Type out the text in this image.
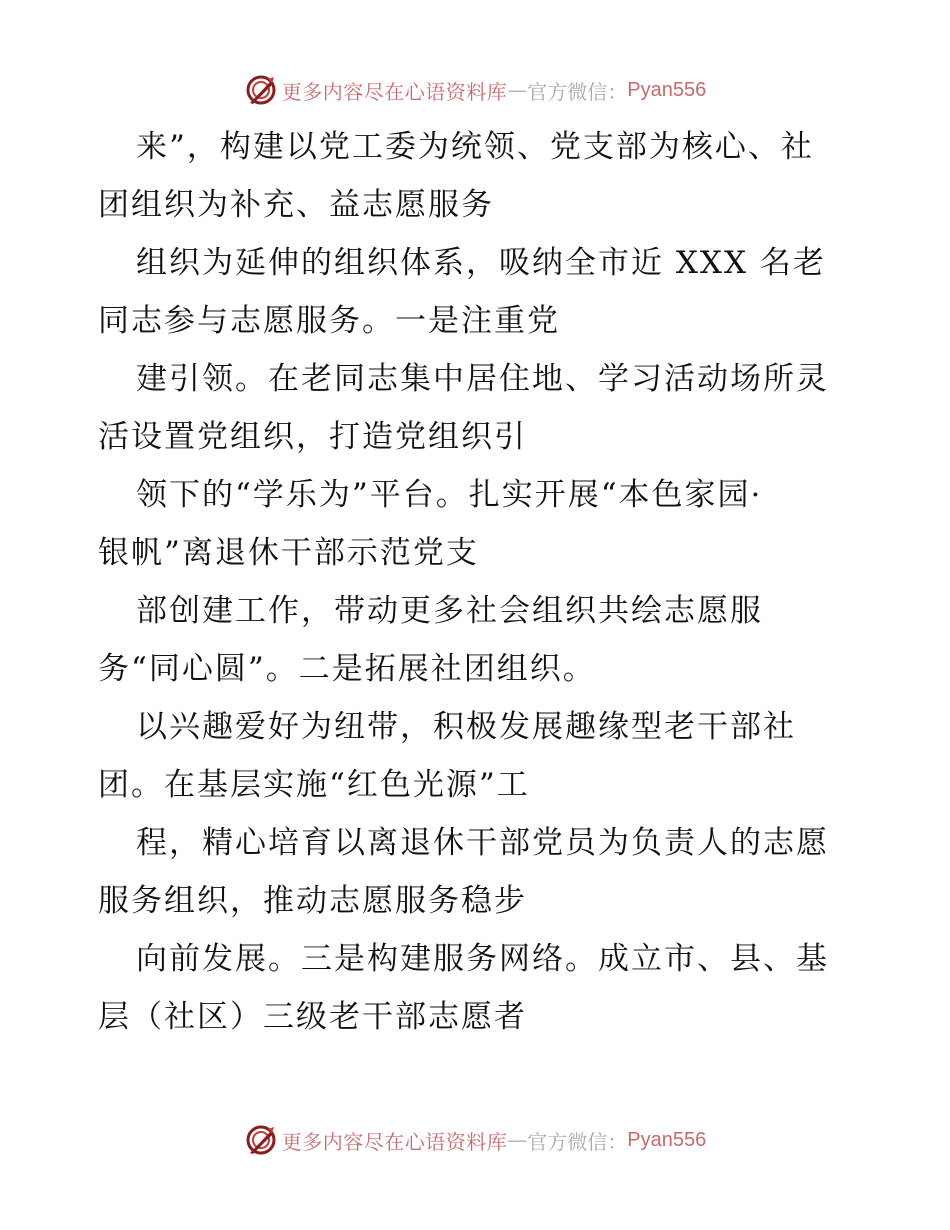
更多内容尽在心语资料库 — 官方微信： Pyan556
来”，构建以党工委为统领、党支部为核心、社
团组织为补充、益志愿服务
组织为延伸的组织体系，吸纳全市近 XXX 名老
同志参与志愿服务。一是注重党
建引领。在老同志集中居住地、学习活动场所灵
活设置党组织，打造党组织引
领下的“学乐为”平台。扎实开展“本色家园·
银帆”离退休干部示范党支
部创建工作，带动更多社会组织共绘志愿服
务“同心圆”。二是拓展社团组织。
以兴趣爱好为纽带，积极发展趣缘型老干部社
团。在基层实施“红色光源”工
程，精心培育以离退休干部党员为负责人的志愿
服务组织，推动志愿服务稳步
向前发展。三是构建服务网络。成立市、县、基
层（社区）三级老干部志愿者
更多内容尽在心语资料库 — 官方微信： Pyan556
